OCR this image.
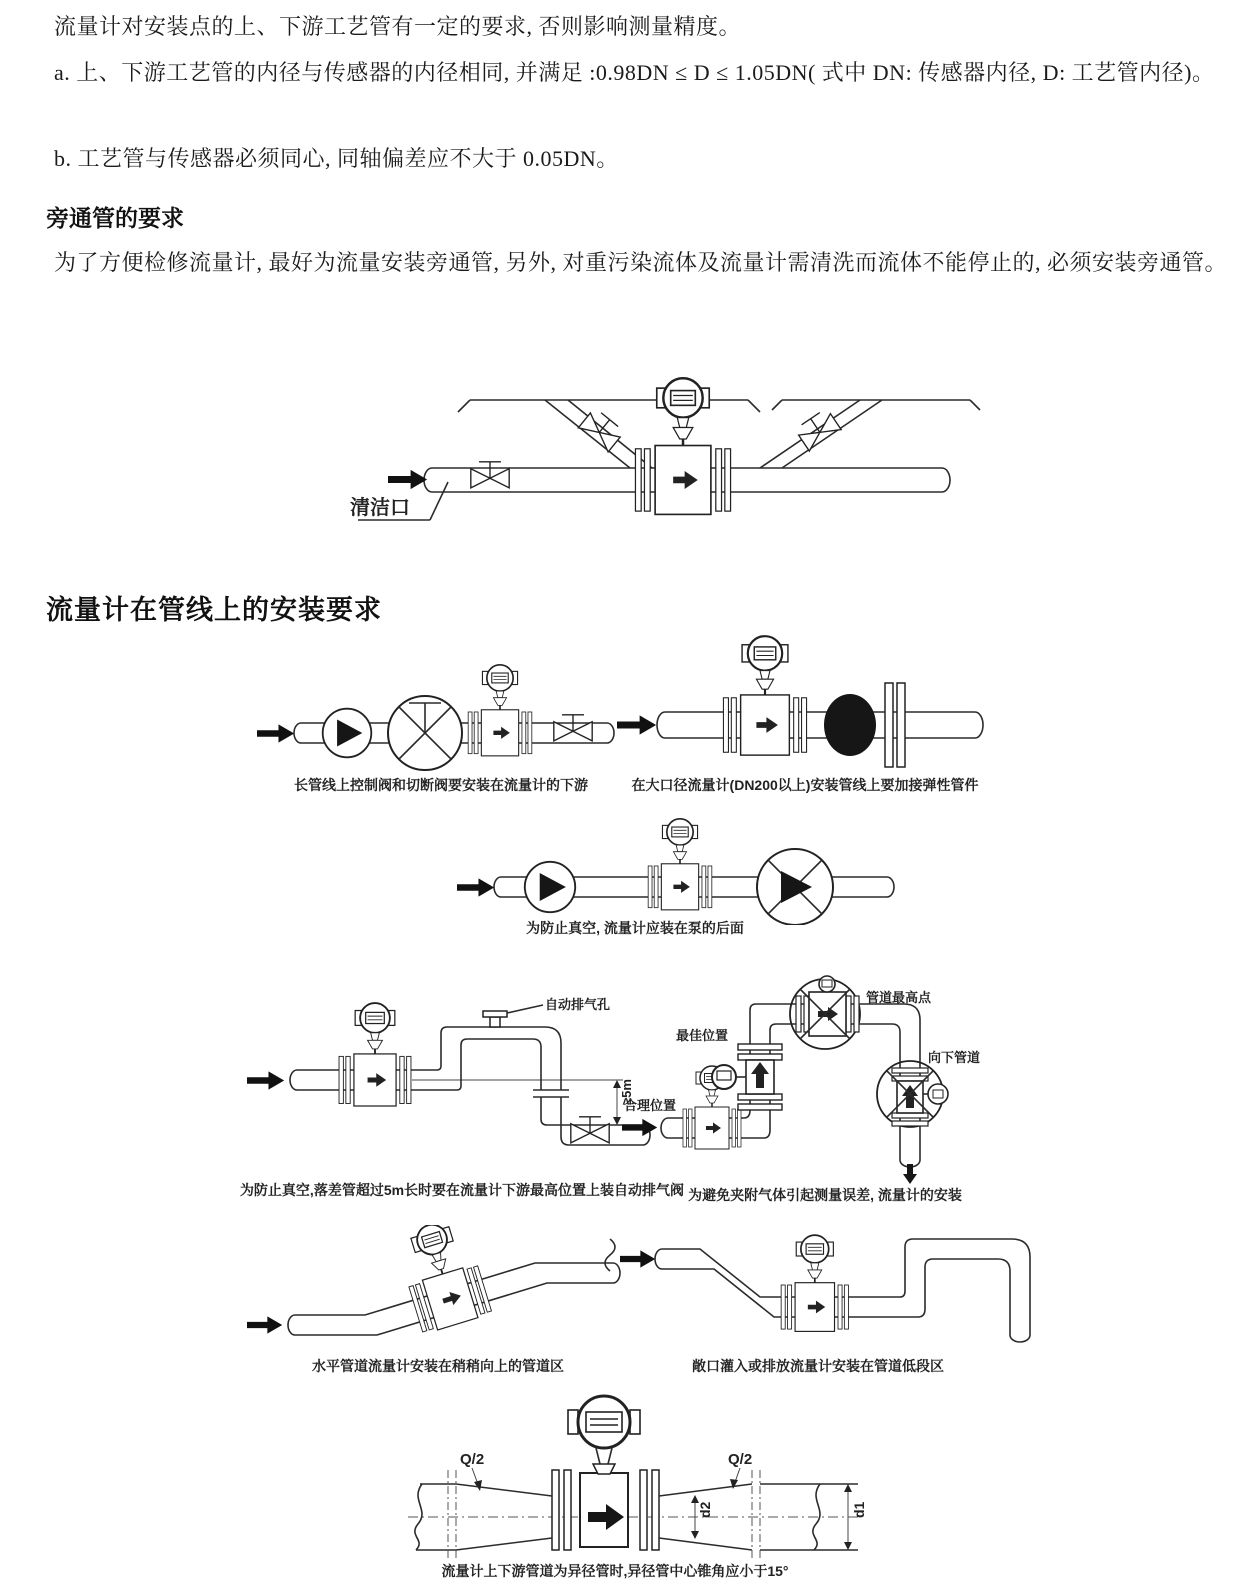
流量计对安装点的上、下游工艺管有一定的要求, 否则影响测量精度。

a. 上、下游工艺管的内径与传感器的内径相同, 并满足 :0.98DN ≤ D ≤ 1.05DN( 式中 DN: 传感器内径, D: 工艺管内径)。

b. 工艺管与传感器必须同心, 同轴偏差应不大于 0.05DN。

旁通管的要求

为了方便检修流量计, 最好为流量安装旁通管, 另外, 对重污染流体及流量计需清洗而流体不能停止的, 必须安装旁通管。

清洁口
流量计在管线上的安装要求
长管线上控制阀和切断阀要安装在流量计的下游	在大口径流量计(DN200以上)安装管线上要加接弹性管件
为防止真空, 流量计应装在泵的后面
自动排气孔
≥5m
为防止真空,落差管超过5m长时要在流量计下游最高位置上装自动排气阀
合理位置
最佳位置
管道最高点
向下管道
为避免夹附气体引起测量误差, 流量计的安装
水平管道流量计安装在稍稍向上的管道区	敞口灌入或排放流量计安装在管道低段区
Q/2	Q/2
d2	d1
流量计上下游管道为异径管时,异径管中心锥角应小于15°
